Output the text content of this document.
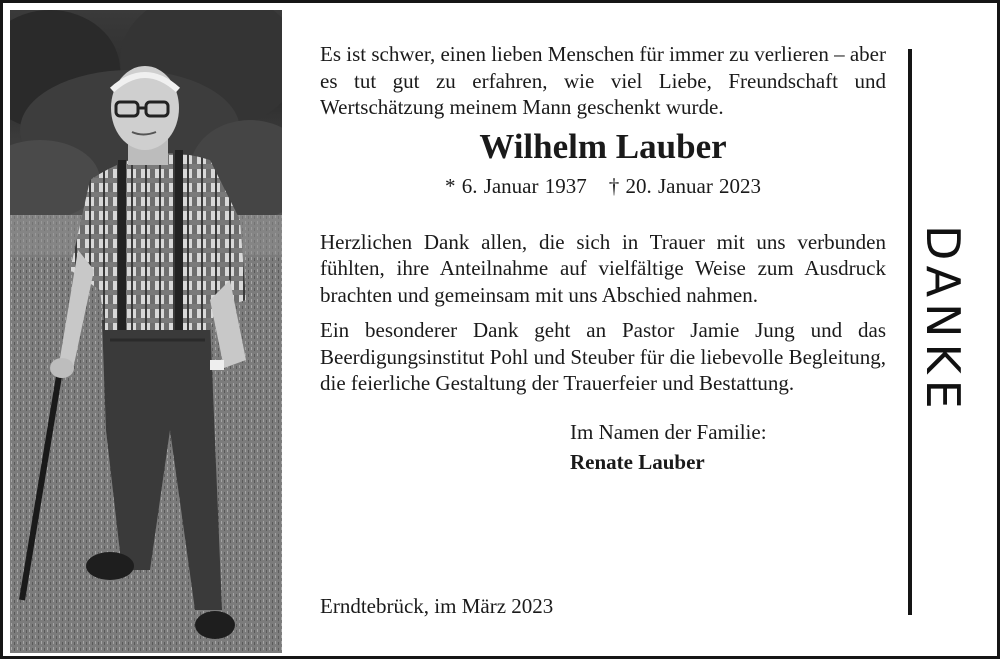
Es ist schwer, einen lieben Menschen für immer zu verlieren – aber es tut gut zu erfahren, wie viel Liebe, Freundschaft und Wertschätzung meinem Mann geschenkt wurde.

Wilhelm Lauber
* 6. Januar 1937 † 20. Januar 2023

Herzlichen Dank allen, die sich in Trauer mit uns verbunden fühlten, ihre Anteilnahme auf vielfältige Weise zum Ausdruck brachten und gemeinsam mit uns Abschied nahmen.

Ein besonderer Dank geht an Pastor Jamie Jung und das Beerdigungsinstitut Pohl und Steuber für die liebevolle Begleitung, die feierliche Gestaltung der Trauerfeier und Bestattung.

Im Namen der Familie:
Renate Lauber
Erndtebrück, im März 2023
DANKE
